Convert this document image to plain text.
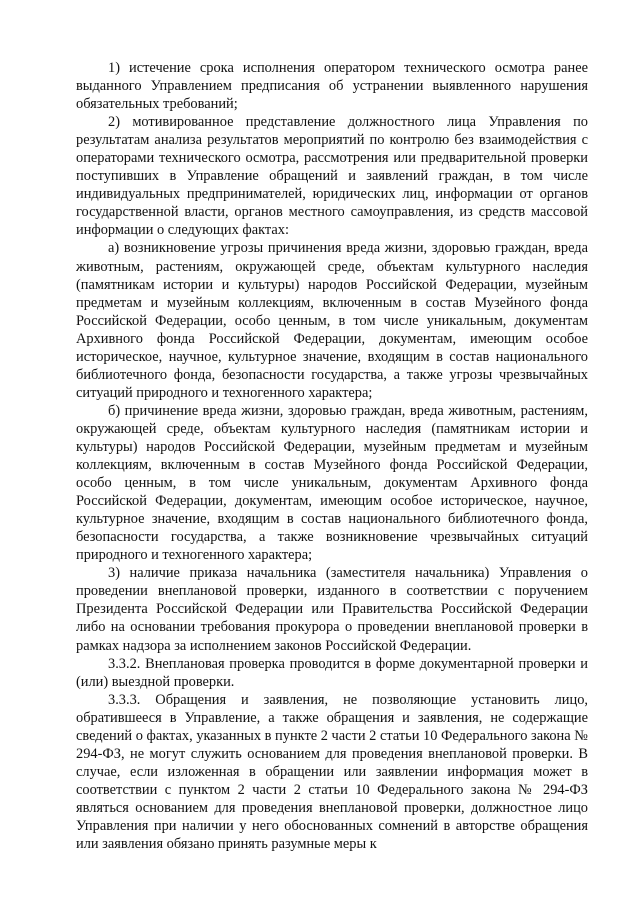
1) истечение срока исполнения оператором технического осмотра ранее выданного Управлением предписания об устранении выявленного нарушения обязательных требований;

2) мотивированное представление должностного лица Управления по результатам анализа результатов мероприятий по контролю без взаимодействия с операторами технического осмотра, рассмотрения или предварительной проверки поступивших в Управление обращений и заявлений граждан, в том числе индивидуальных предпринимателей, юридических лиц, информации от органов государственной власти, органов местного самоуправления, из средств массовой информации о следующих фактах:

а) возникновение угрозы причинения вреда жизни, здоровью граждан, вреда животным, растениям, окружающей среде, объектам культурного наследия (памятникам истории и культуры) народов Российской Федерации, музейным предметам и музейным коллекциям, включенным в состав Музейного фонда Российской Федерации, особо ценным, в том числе уникальным, документам Архивного фонда Российской Федерации, документам, имеющим особое историческое, научное, культурное значение, входящим в состав национального библиотечного фонда, безопасности государства, а также угрозы чрезвычайных ситуаций природного и техногенного характера;

б) причинение вреда жизни, здоровью граждан, вреда животным, растениям, окружающей среде, объектам культурного наследия (памятникам истории и культуры) народов Российской Федерации, музейным предметам и музейным коллекциям, включенным в состав Музейного фонда Российской Федерации, особо ценным, в том числе уникальным, документам Архивного фонда Российской Федерации, документам, имеющим особое историческое, научное, культурное значение, входящим в состав национального библиотечного фонда, безопасности государства, а также возникновение чрезвычайных ситуаций природного и техногенного характера;

3) наличие приказа начальника (заместителя начальника) Управления о проведении внеплановой проверки, изданного в соответствии с поручением Президента Российской Федерации или Правительства Российской Федерации либо на основании требования прокурора о проведении внеплановой проверки в рамках надзора за исполнением законов Российской Федерации.

3.3.2. Внеплановая проверка проводится в форме документарной проверки и (или) выездной проверки.

3.3.3. Обращения и заявления, не позволяющие установить лицо, обратившееся в Управление, а также обращения и заявления, не содержащие сведений о фактах, указанных в пункте 2 части 2 статьи 10 Федерального закона № 294-ФЗ, не могут служить основанием для проведения внеплановой проверки. В случае, если изложенная в обращении или заявлении информация может в соответствии с пунктом 2 части 2 статьи 10 Федерального закона № 294-ФЗ являться основанием для проведения внеплановой проверки, должностное лицо Управления при наличии у него обоснованных сомнений в авторстве обращения или заявления обязано принять разумные меры к
